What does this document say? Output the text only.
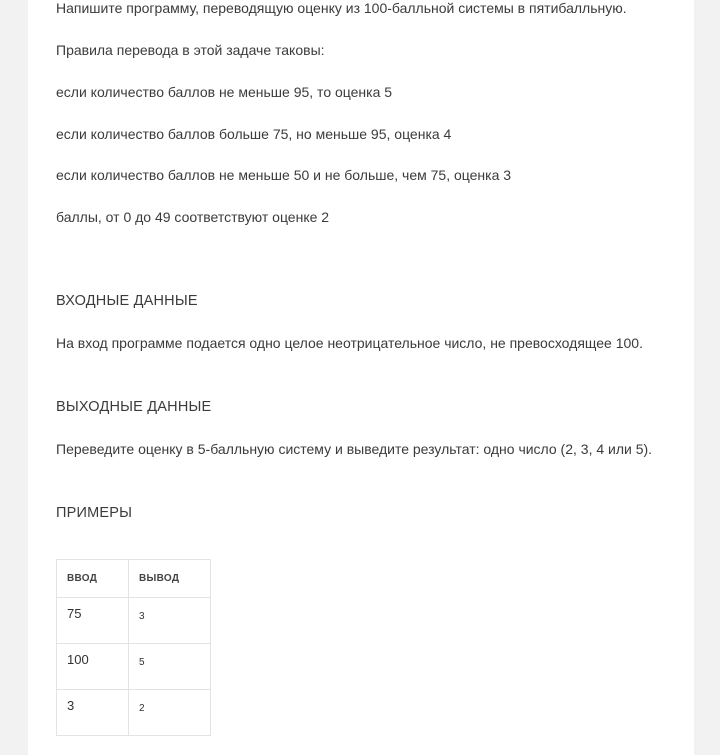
Напишите программу, переводящую оценку из 100-балльной системы в пятибалльную.

Правила перевода в этой задаче таковы:

если количество баллов не меньше 95, то оценка 5

если количество баллов больше 75, но меньше 95, оценка 4

если количество баллов не меньше 50 и не больше, чем 75, оценка 3

баллы, от 0 до 49 соответствуют оценке 2

ВХОДНЫЕ ДАННЫЕ

На вход программе подается одно целое неотрицательное число, не превосходящее 100.

ВЫХОДНЫЕ ДАННЫЕ

Переведите оценку в 5-балльную систему и выведите результат: одно число (2, 3, 4 или 5).

ПРИМЕРЫ

ВВОД	ВЫВОД
75	3
100	5
3	2
